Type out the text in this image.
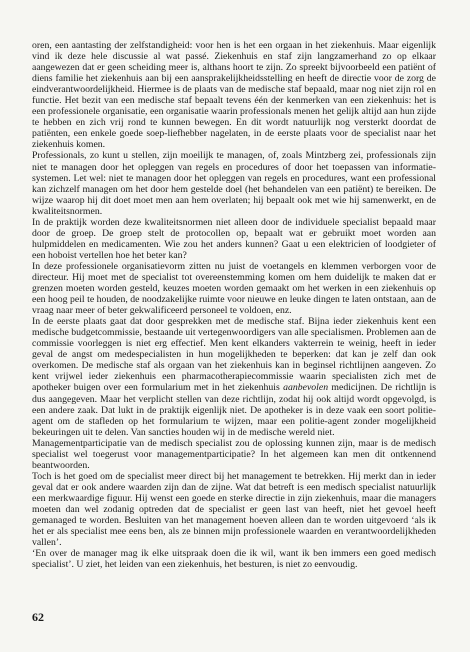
oren, een aantasting der zelfstandigheid: voor hen is het een orgaan in het ziekenhuis. Maar eigenlijk vind ik deze hele discussie al wat passé. Ziekenhuis en staf zijn langzamerhand zo op elkaar aangewezen dat er geen scheiding meer is, althans hoort te zijn. Zo spreekt bijvoorbeeld een patiënt of diens familie het ziekenhuis aan bij een aansprakelijkheidsstelling en heeft de directie voor de zorg de eindverantwoordelijkheid. Hiermee is de plaats van de medische staf bepaald, maar nog niet zijn rol en functie. Het bezit van een medische staf bepaalt tevens één der kenmerken van een ziekenhuis: het is een professionele organisatie, een organisatie waarin professionals menen het gelijk altijd aan hun zijde te hebben en zich vrij rond te kunnen bewegen. En dit wordt natuurlijk nog versterkt doordat de patiënten, een enkele goede soep-liefhebber nagelaten, in de eerste plaats voor de specialist naar het ziekenhuis komen.

Professionals, zo kunt u stellen, zijn moeilijk te managen, of, zoals Mintzberg zei, professionals zijn niet te managen door het opleggen van regels en procedures of door het toepassen van informatie-systemen. Let wel: niet te managen door het opleggen van regels en procedures, want een professional kan zichzelf managen om het door hem gestelde doel (het behandelen van een patiënt) te bereiken. De wijze waarop hij dit doet moet men aan hem overlaten; hij bepaalt ook met wie hij samenwerkt, en de kwaliteitsnormen.

In de praktijk worden deze kwaliteitsnormen niet alleen door de individuele specialist bepaald maar door de groep. De groep stelt de protocollen op, bepaalt wat er gebruikt moet worden aan hulpmiddelen en medicamenten. Wie zou het anders kunnen? Gaat u een elektricien of loodgieter of een hoboist vertellen hoe het beter kan?

In deze professionele organisatievorm zitten nu juist de voetangels en klemmen verborgen voor de directeur. Hij moet met de specialist tot overeenstemming komen om hem duidelijk te maken dat er grenzen moeten worden gesteld, keuzes moeten worden gemaakt om het werken in een ziekenhuis op een hoog peil te houden, de noodzakelijke ruimte voor nieuwe en leuke dingen te laten ontstaan, aan de vraag naar meer of beter gekwalificeerd personeel te voldoen, enz.

In de eerste plaats gaat dat door gesprekken met de medische staf. Bijna ieder ziekenhuis kent een medische budgetcommissie, bestaande uit vertegenwoordigers van alle specialismen. Problemen aan de commissie voorleggen is niet erg effectief. Men kent elkanders vakterrein te weinig, heeft in ieder geval de angst om medespecialisten in hun mogelijkheden te beperken: dat kan je zelf dan ook overkomen. De medische staf als orgaan van het ziekenhuis kan in beginsel richtlijnen aangeven. Zo kent vrijwel ieder ziekenhuis een pharmacotherapiecommissie waarin specialisten zich met de apotheker buigen over een formularium met in het ziekenhuis aanbevolen medicijnen. De richtlijn is dus aangegeven. Maar het verplicht stellen van deze richtlijn, zodat hij ook altijd wordt opgevolgd, is een andere zaak. Dat lukt in de praktijk eigenlijk niet. De apotheker is in deze vaak een soort politie-agent om de stafleden op het formularium te wijzen, maar een politie-agent zonder mogelijkheid bekeuringen uit te delen. Van sancties houden wij in de medische wereld niet.

Managementparticipatie van de medisch specialist zou de oplossing kunnen zijn, maar is de medisch specialist wel toegerust voor managementparticipatie? In het algemeen kan men dit ontkennend beantwoorden.

Toch is het goed om de specialist meer direct bij het management te betrekken. Hij merkt dan in ieder geval dat er ook andere waarden zijn dan de zijne. Wat dat betreft is een medisch specialist natuurlijk een merkwaardige figuur. Hij wenst een goede en sterke directie in zijn ziekenhuis, maar die managers moeten dan wel zodanig optreden dat de specialist er geen last van heeft, niet het gevoel heeft gemanaged te worden. Besluiten van het management hoeven alleen dan te worden uitgevoerd ‘als ik het er als specialist mee eens ben, als ze binnen mijn professionele waarden en verantwoordelijkheden vallen’.

‘En over de manager mag ik elke uitspraak doen die ik wil, want ik ben immers een goed medisch specialist’. U ziet, het leiden van een ziekenhuis, het besturen, is niet zo eenvoudig.

62
